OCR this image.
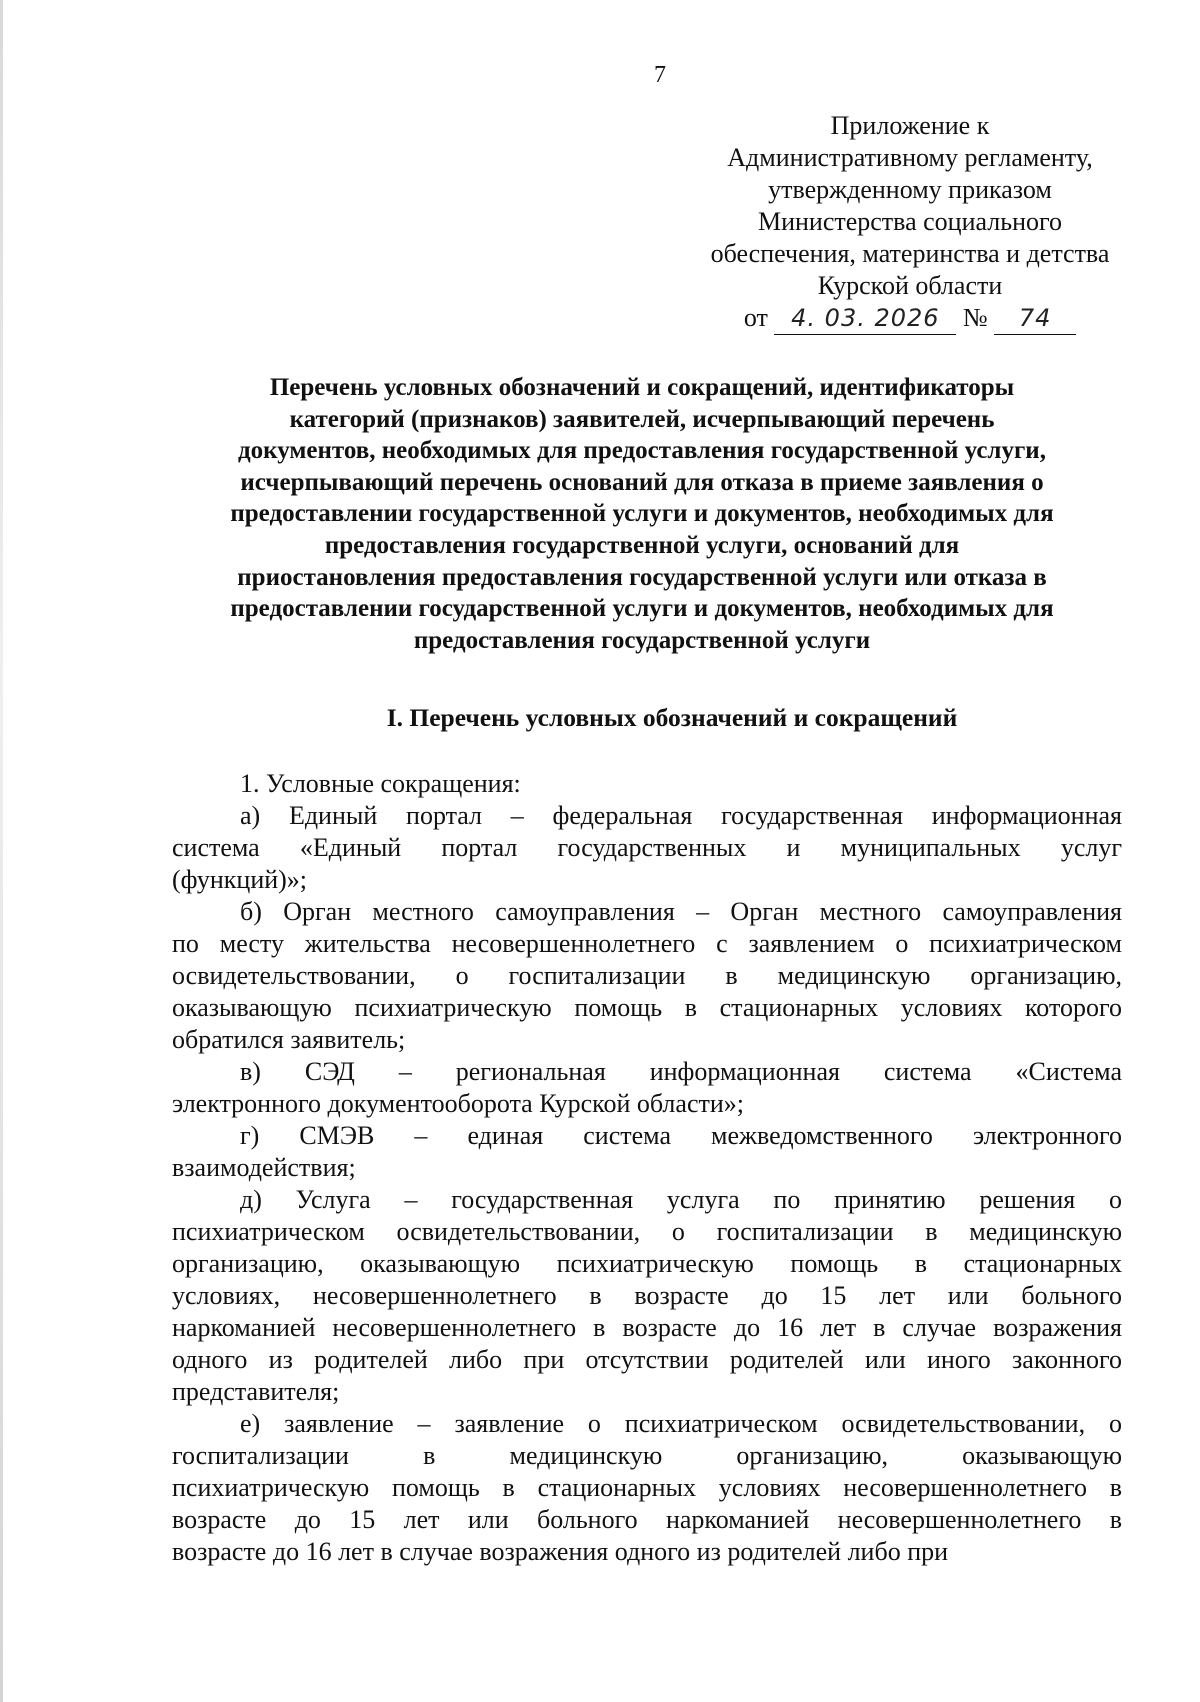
7
Приложение к
Административному регламенту,
утвержденному приказом
Министерства социального
обеспечения, материнства и детства
Курской области
от 4. 03. 2026 № 74
Перечень условных обозначений и сокращений, идентификаторы
категорий (признаков) заявителей, исчерпывающий перечень
документов, необходимых для предоставления государственной услуги,
исчерпывающий перечень оснований для отказа в приеме заявления о
предоставлении государственной услуги и документов, необходимых для
предоставления государственной услуги, оснований для
приостановления предоставления государственной услуги или отказа в
предоставлении государственной услуги и документов, необходимых для
предоставления государственной услуги
I. Перечень условных обозначений и сокращений
1. Условные сокращения:
а) Единый портал – федеральная государственная информационная
система «Единый портал государственных и муниципальных услуг
(функций)»;
б) Орган местного самоуправления – Орган местного самоуправления
по месту жительства несовершеннолетнего с заявлением о психиатрическом
освидетельствовании, о госпитализации в медицинскую организацию,
оказывающую психиатрическую помощь в стационарных условиях которого
обратился заявитель;
в) СЭД – региональная информационная система «Система
электронного документооборота Курской области»;
г) СМЭВ – единая система межведомственного электронного
взаимодействия;
д) Услуга – государственная услуга по принятию решения о
психиатрическом освидетельствовании, о госпитализации в медицинскую
организацию, оказывающую психиатрическую помощь в стационарных
условиях, несовершеннолетнего в возрасте до 15 лет или больного
наркоманией несовершеннолетнего в возрасте до 16 лет в случае возражения
одного из родителей либо при отсутствии родителей или иного законного
представителя;
е) заявление – заявление о психиатрическом освидетельствовании, о
госпитализации в медицинскую организацию, оказывающую
психиатрическую помощь в стационарных условиях несовершеннолетнего в
возрасте до 15 лет или больного наркоманией несовершеннолетнего в
возрасте до 16 лет в случае возражения одного из родителей либо при
